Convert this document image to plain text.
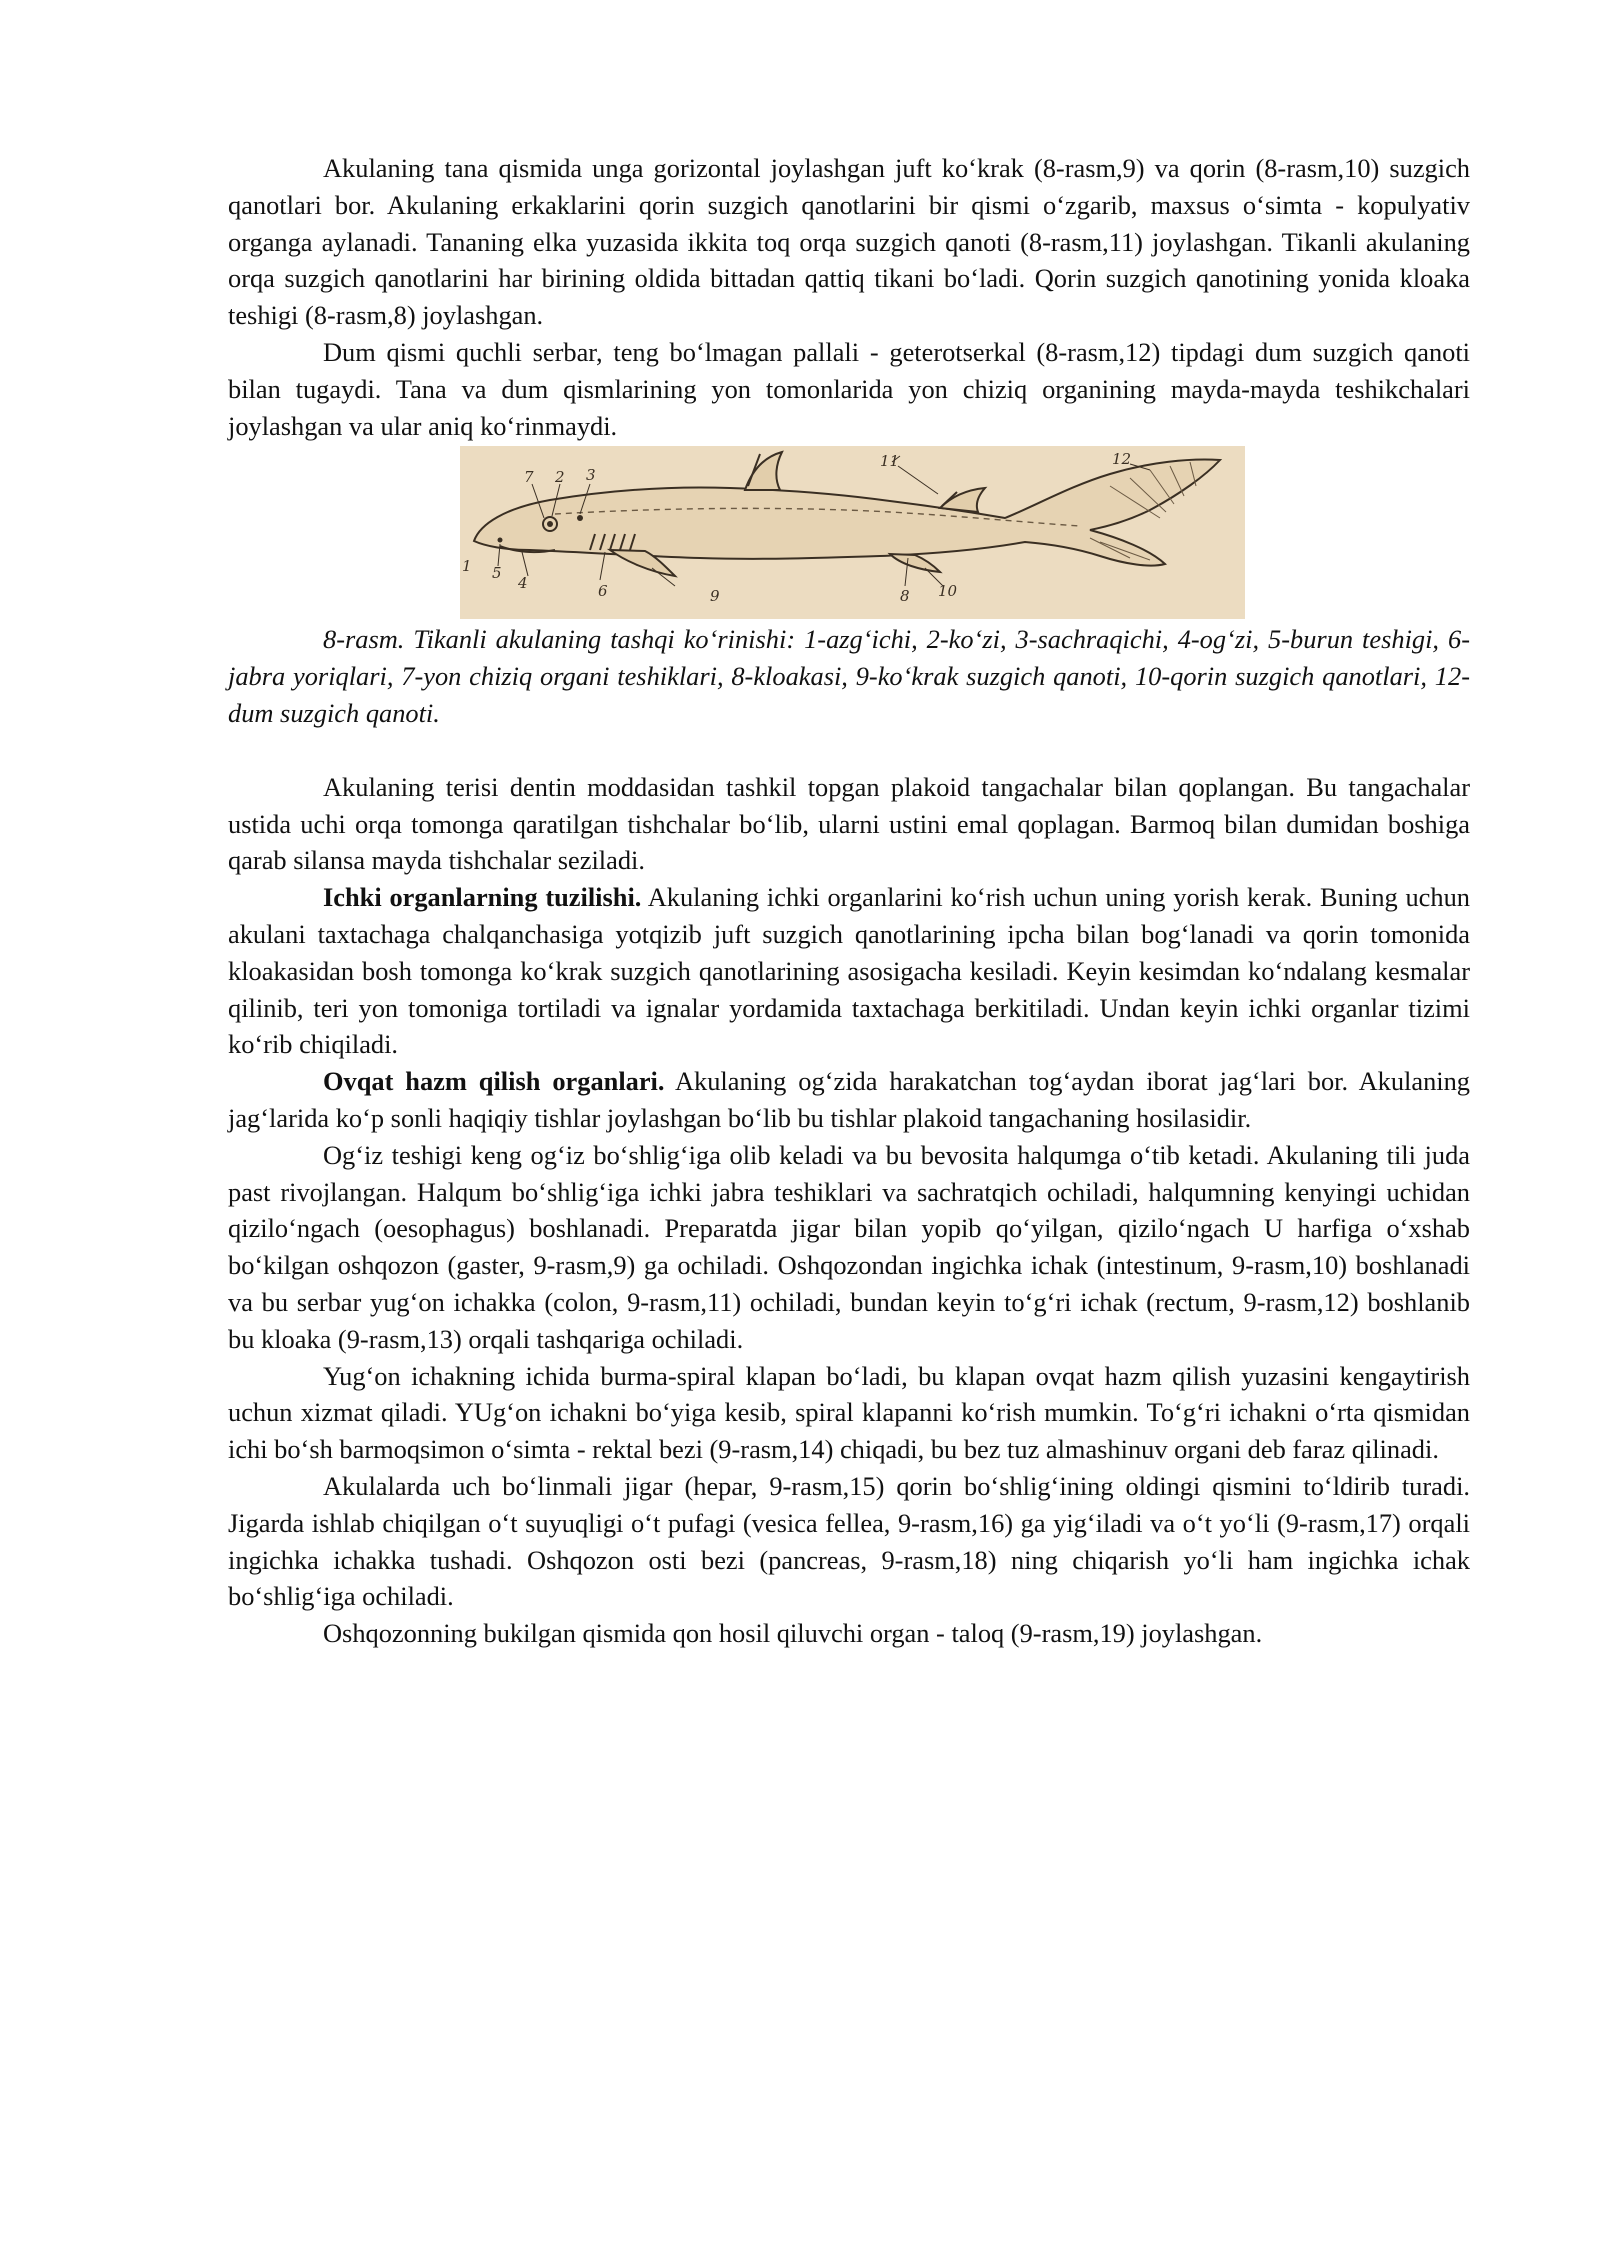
Akulaning tana qismida unga gorizontal joylashgan juft ko‘krak (8-rasm,9) va qorin (8-rasm,10) suzgich qanotlari bor. Akulaning erkaklarini qorin suzgich qanotlarini bir qismi o‘zgarib, maxsus o‘simta - kopulyativ organga aylanadi. Tananing elka yuzasida ikkita toq orqa suzgich qanoti (8-rasm,11) joylashgan. Tikanli akulaning orqa suzgich qanotlarini har birining oldida bittadan qattiq tikani bo‘ladi. Qorin suzgich qanotining yonida kloaka teshigi (8-rasm,8) joylashgan.

Dum qismi quchli serbar, teng bo‘lmagan pallali - geterotserkal (8-rasm,12) tipdagi dum suzgich qanoti bilan tugaydi. Tana va dum qismlarining yon tomonlarida yon chiziq organining mayda-mayda teshikchalari joylashgan va ular aniq ko‘rinmaydi.

1
2 3
4
5
6
7
8
9	10
11	12

8-rasm. Tikanli akulaning tashqi ko‘rinishi: 1-azg‘ichi, 2-ko‘zi, 3-sachraqichi, 4-og‘zi, 5-burun teshigi, 6-jabra yoriqlari, 7-yon chiziq organi teshiklari, 8-kloakasi, 9-ko‘krak suzgich qanoti, 10-qorin suzgich qanotlari, 12-dum suzgich qanoti.

Akulaning terisi dentin moddasidan tashkil topgan plakoid tangachalar bilan qoplangan. Bu tangachalar ustida uchi orqa tomonga qaratilgan tishchalar bo‘lib, ularni ustini emal qoplagan. Barmoq bilan dumidan boshiga qarab silansa mayda tishchalar seziladi.

Ichki organlarning tuzilishi. Akulaning ichki organlarini ko‘rish uchun uning yorish kerak. Buning uchun akulani taxtachaga chalqanchasiga yotqizib juft suzgich qanotlarining ipcha bilan bog‘lanadi va qorin tomonida kloakasidan bosh tomonga ko‘krak suzgich qanotlarining asosigacha kesiladi. Keyin kesimdan ko‘ndalang kesmalar qilinib, teri yon tomoniga tortiladi va ignalar yordamida taxtachaga berkitiladi. Undan keyin ichki organlar tizimi ko‘rib chiqiladi.

Ovqat hazm qilish organlari. Akulaning og‘zida harakatchan tog‘aydan iborat jag‘lari bor. Akulaning jag‘larida ko‘p sonli haqiqiy tishlar joylashgan bo‘lib bu tishlar plakoid tangachaning hosilasidir.

Og‘iz teshigi keng og‘iz bo‘shlig‘iga olib keladi va bu bevosita halqumga o‘tib ketadi. Akulaning tili juda past rivojlangan. Halqum bo‘shlig‘iga ichki jabra teshiklari va sachratqich ochiladi, halqumning kenyingi uchidan qizilo‘ngach (oesophagus) boshlanadi. Preparatda jigar bilan yopib qo‘yilgan, qizilo‘ngach U harfiga o‘xshab bo‘kilgan oshqozon (gaster, 9-rasm,9) ga ochiladi. Oshqozondan ingichka ichak (intestinum, 9-rasm,10) boshlanadi va bu serbar yug‘on ichakka (colon, 9-rasm,11) ochiladi, bundan keyin to‘g‘ri ichak (rectum, 9-rasm,12) boshlanib bu kloaka (9-rasm,13) orqali tashqariga ochiladi.

Yug‘on ichakning ichida burma-spiral klapan bo‘ladi, bu klapan ovqat hazm qilish yuzasini kengaytirish uchun xizmat qiladi. YUg‘on ichakni bo‘yiga kesib, spiral klapanni ko‘rish mumkin. To‘g‘ri ichakni o‘rta qismidan ichi bo‘sh barmoqsimon o‘simta - rektal bezi (9-rasm,14) chiqadi, bu bez tuz almashinuv organi deb faraz qilinadi.

Akulalarda uch bo‘linmali jigar (hepar, 9-rasm,15) qorin bo‘shlig‘ining oldingi qismini to‘ldirib turadi. Jigarda ishlab chiqilgan o‘t suyuqligi o‘t pufagi (vesica fellea, 9-rasm,16) ga yig‘iladi va o‘t yo‘li (9-rasm,17) orqali ingichka ichakka tushadi. Oshqozon osti bezi (pancreas, 9-rasm,18) ning chiqarish yo‘li ham ingichka ichak bo‘shlig‘iga ochiladi.

Oshqozonning bukilgan qismida qon hosil qiluvchi organ - taloq (9-rasm,19) joylashgan.
